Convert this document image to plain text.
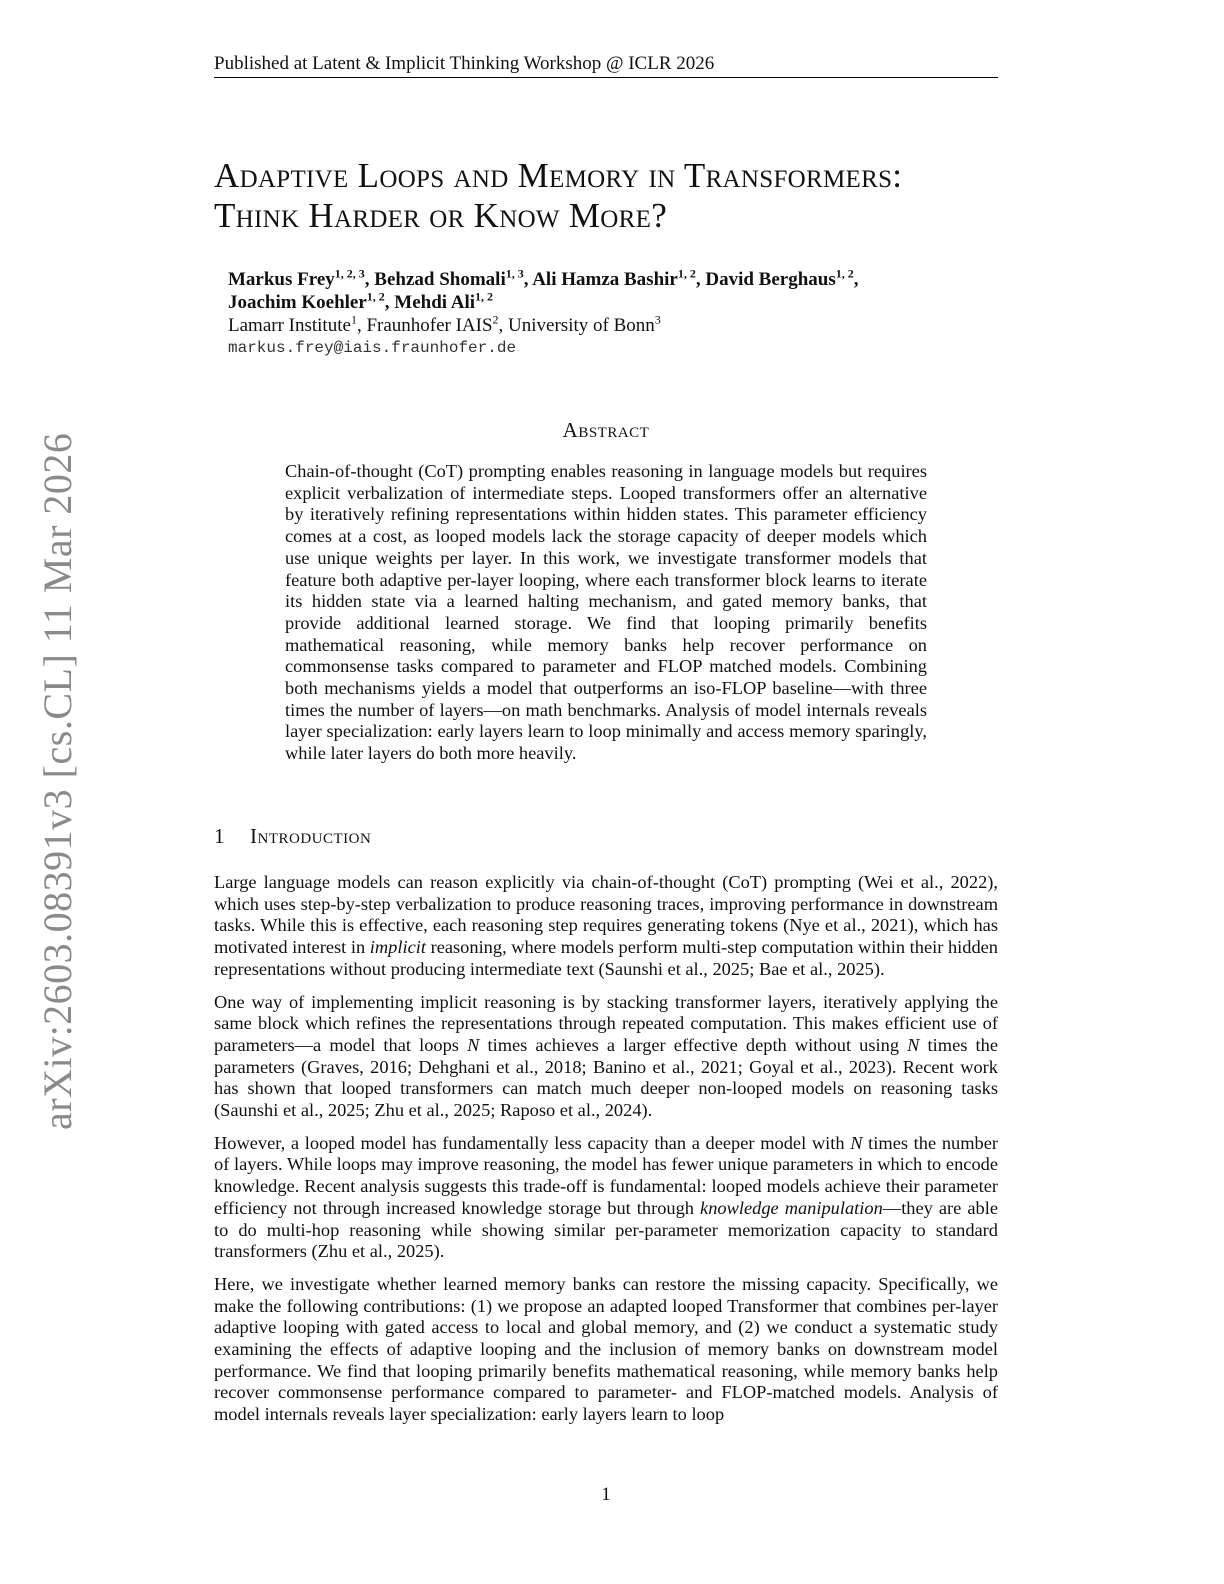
Published at Latent & Implicit Thinking Workshop @ ICLR 2026
arXiv:2603.08391v3 [cs.CL] 11 Mar 2026
Adaptive Loops and Memory in Transformers:
Think Harder or Know More?
Markus Frey$^{1, 2, 3}$, Behzad Shomali$^{1, 3}$, Ali Hamza Bashir$^{1, 2}$, David Berghaus$^{1, 2}$,
Joachim Koehler$^{1, 2}$, Mehdi Ali$^{1, 2}$
Lamarr Institute$^1$, Fraunhofer IAIS$^2$, University of Bonn$^3$
markus.frey@iais.fraunhofer.de
Abstract
Chain-of-thought (CoT) prompting enables reasoning in language models but requires explicit verbalization of intermediate steps. Looped transformers offer an alternative by iteratively refining representations within hidden states. This parameter efficiency comes at a cost, as looped models lack the storage capacity of deeper models which use unique weights per layer. In this work, we investigate transformer models that feature both adaptive per-layer looping, where each transformer block learns to iterate its hidden state via a learned halting mechanism, and gated memory banks, that provide additional learned storage. We find that looping primarily benefits mathematical reasoning, while memory banks help recover performance on commonsense tasks compared to parameter and FLOP matched models. Combining both mechanisms yields a model that outperforms an iso-FLOP baseline—with three times the number of layers—on math benchmarks. Analysis of model internals reveals layer specialization: early layers learn to loop minimally and access memory sparingly, while later layers do both more heavily.
1 Introduction

Large language models can reason explicitly via chain-of-thought (CoT) prompting (Wei et al., 2022), which uses step-by-step verbalization to produce reasoning traces, improving performance in downstream tasks. While this is effective, each reasoning step requires generating tokens (Nye et al., 2021), which has motivated interest in implicit reasoning, where models perform multi-step computation within their hidden representations without producing intermediate text (Saunshi et al., 2025; Bae et al., 2025).

One way of implementing implicit reasoning is by stacking transformer layers, iteratively applying the same block which refines the representations through repeated computation. This makes efficient use of parameters—a model that loops N times achieves a larger effective depth without using N times the parameters (Graves, 2016; Dehghani et al., 2018; Banino et al., 2021; Goyal et al., 2023). Recent work has shown that looped transformers can match much deeper non-looped models on reasoning tasks (Saunshi et al., 2025; Zhu et al., 2025; Raposo et al., 2024).

However, a looped model has fundamentally less capacity than a deeper model with N times the number of layers. While loops may improve reasoning, the model has fewer unique parameters in which to encode knowledge. Recent analysis suggests this trade-off is fundamental: looped models achieve their parameter efficiency not through increased knowledge storage but through knowledge manipulation—they are able to do multi-hop reasoning while showing similar per-parameter memorization capacity to standard transformers (Zhu et al., 2025).

Here, we investigate whether learned memory banks can restore the missing capacity. Specifically, we make the following contributions: (1) we propose an adapted looped Transformer that combines per-layer adaptive looping with gated access to local and global memory, and (2) we conduct a systematic study examining the effects of adaptive looping and the inclusion of memory banks on downstream model performance. We find that looping primarily benefits mathematical reasoning, while memory banks help recover commonsense performance compared to parameter- and FLOP-matched models. Analysis of model internals reveals layer specialization: early layers learn to loop

1
